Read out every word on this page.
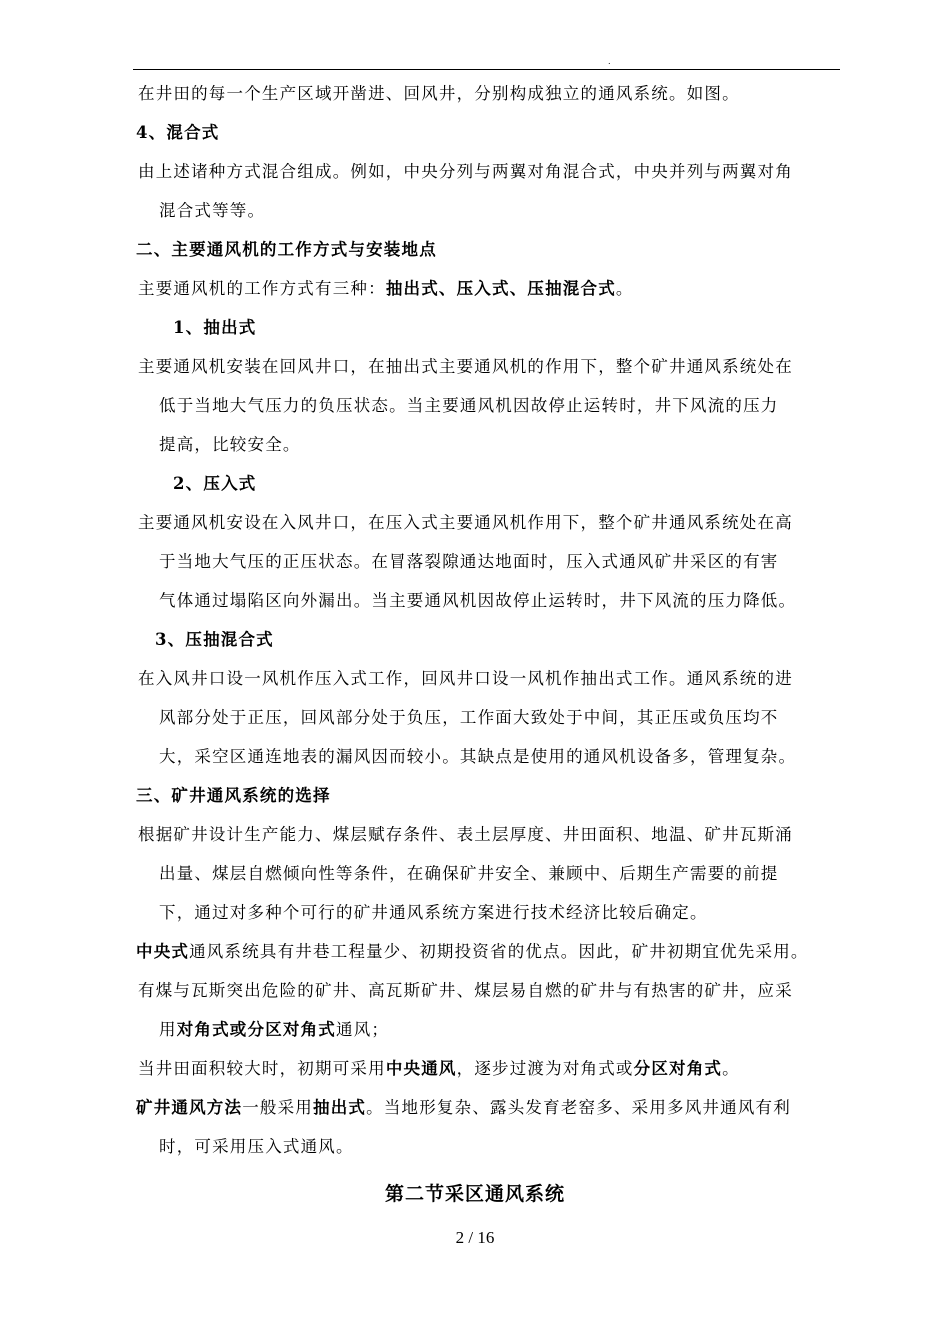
.
在井田的每一个生产区域开凿进、回风井，分别构成独立的通风系统。如图。
4、混合式
由上述诸种方式混合组成。例如，中央分列与两翼对角混合式，中央并列与两翼对角
混合式等等。
二、主要通风机的工作方式与安装地点
主要通风机的工作方式有三种：抽出式、压入式、压抽混合式。
1、抽出式
主要通风机安装在回风井口，在抽出式主要通风机的作用下，整个矿井通风系统处在
低于当地大气压力的负压状态。当主要通风机因故停止运转时，井下风流的压力
提高，比较安全。
2、压入式
主要通风机安设在入风井口，在压入式主要通风机作用下，整个矿井通风系统处在高
于当地大气压的正压状态。在冒落裂隙通达地面时，压入式通风矿井采区的有害
气体通过塌陷区向外漏出。当主要通风机因故停止运转时，井下风流的压力降低。
3、压抽混合式
在入风井口设一风机作压入式工作，回风井口设一风机作抽出式工作。通风系统的进
风部分处于正压，回风部分处于负压，工作面大致处于中间，其正压或负压均不
大，采空区通连地表的漏风因而较小。其缺点是使用的通风机设备多，管理复杂。
三、矿井通风系统的选择
根据矿井设计生产能力、煤层赋存条件、表土层厚度、井田面积、地温、矿井瓦斯涌
出量、煤层自燃倾向性等条件，在确保矿井安全、兼顾中、后期生产需要的前提
下，通过对多种个可行的矿井通风系统方案进行技术经济比较后确定。
中央式通风系统具有井巷工程量少、初期投资省的优点。因此，矿井初期宜优先采用。
有煤与瓦斯突出危险的矿井、高瓦斯矿井、煤层易自燃的矿井与有热害的矿井，应采
用对角式或分区对角式通风；
当井田面积较大时，初期可采用中央通风，逐步过渡为对角式或分区对角式。
矿井通风方法一般采用抽出式。当地形复杂、露头发育老窑多、采用多风井通风有利
时，可采用压入式通风。
第二节采区通风系统
2 / 16
